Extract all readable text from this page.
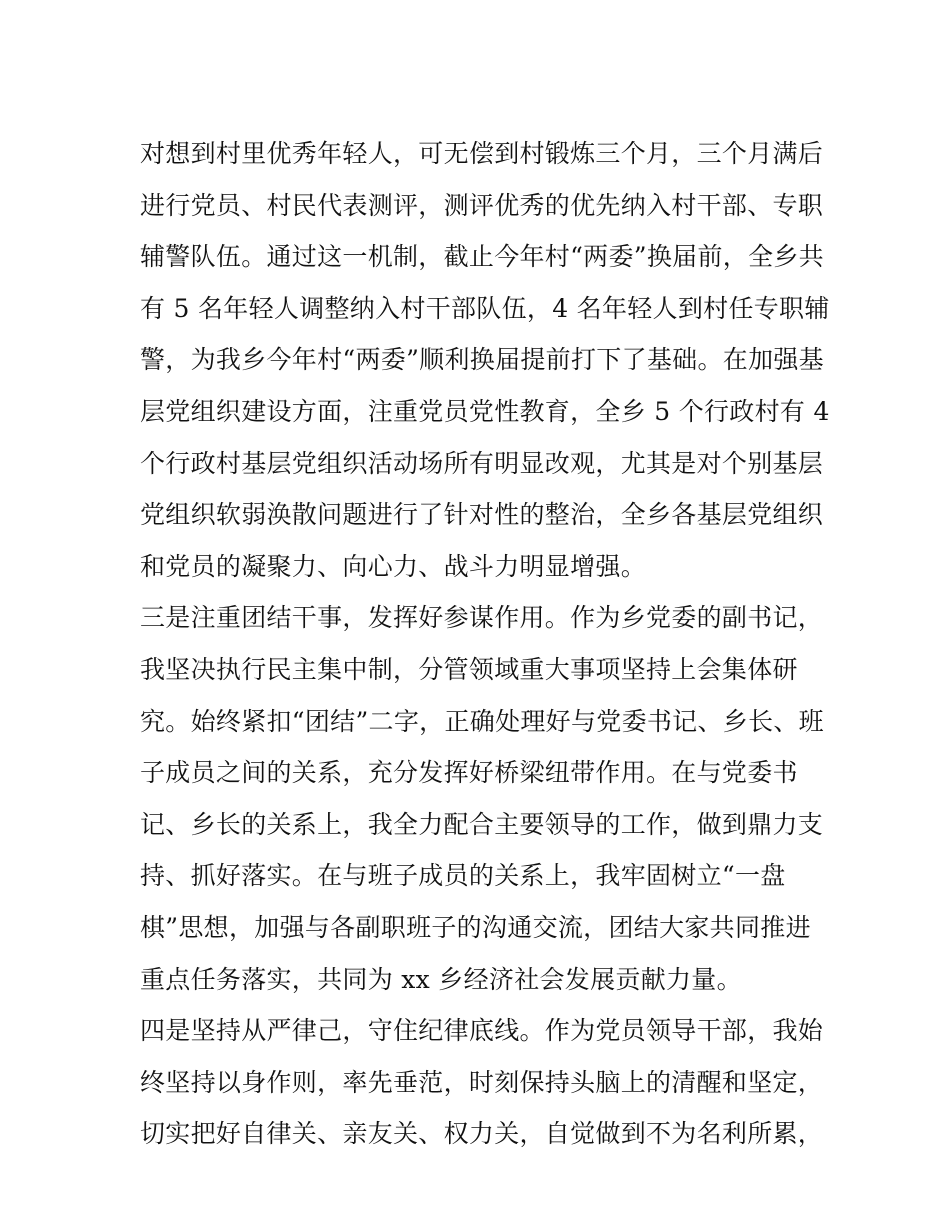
对想到村里优秀年轻人，可无偿到村锻炼三个月，三个月满后
进行党员、村民代表测评，测评优秀的优先纳入村干部、专职
辅警队伍。通过这一机制，截止今年村“两委”换届前，全乡共
有 5 名年轻人调整纳入村干部队伍，4 名年轻人到村任专职辅
警，为我乡今年村“两委”顺利换届提前打下了基础。在加强基
层党组织建设方面，注重党员党性教育，全乡 5 个行政村有 4
个行政村基层党组织活动场所有明显改观，尤其是对个别基层
党组织软弱涣散问题进行了针对性的整治，全乡各基层党组织
和党员的凝聚力、向心力、战斗力明显增强。
三是注重团结干事，发挥好参谋作用。作为乡党委的副书记，
我坚决执行民主集中制，分管领域重大事项坚持上会集体研
究。始终紧扣“团结”二字，正确处理好与党委书记、乡长、班
子成员之间的关系，充分发挥好桥梁纽带作用。在与党委书
记、乡长的关系上，我全力配合主要领导的工作，做到鼎力支
持、抓好落实。在与班子成员的关系上，我牢固树立“一盘
棋”思想，加强与各副职班子的沟通交流，团结大家共同推进
重点任务落实，共同为 xx 乡经济社会发展贡献力量。
四是坚持从严律己，守住纪律底线。作为党员领导干部，我始
终坚持以身作则，率先垂范，时刻保持头脑上的清醒和坚定，
切实把好自律关、亲友关、权力关，自觉做到不为名利所累，
